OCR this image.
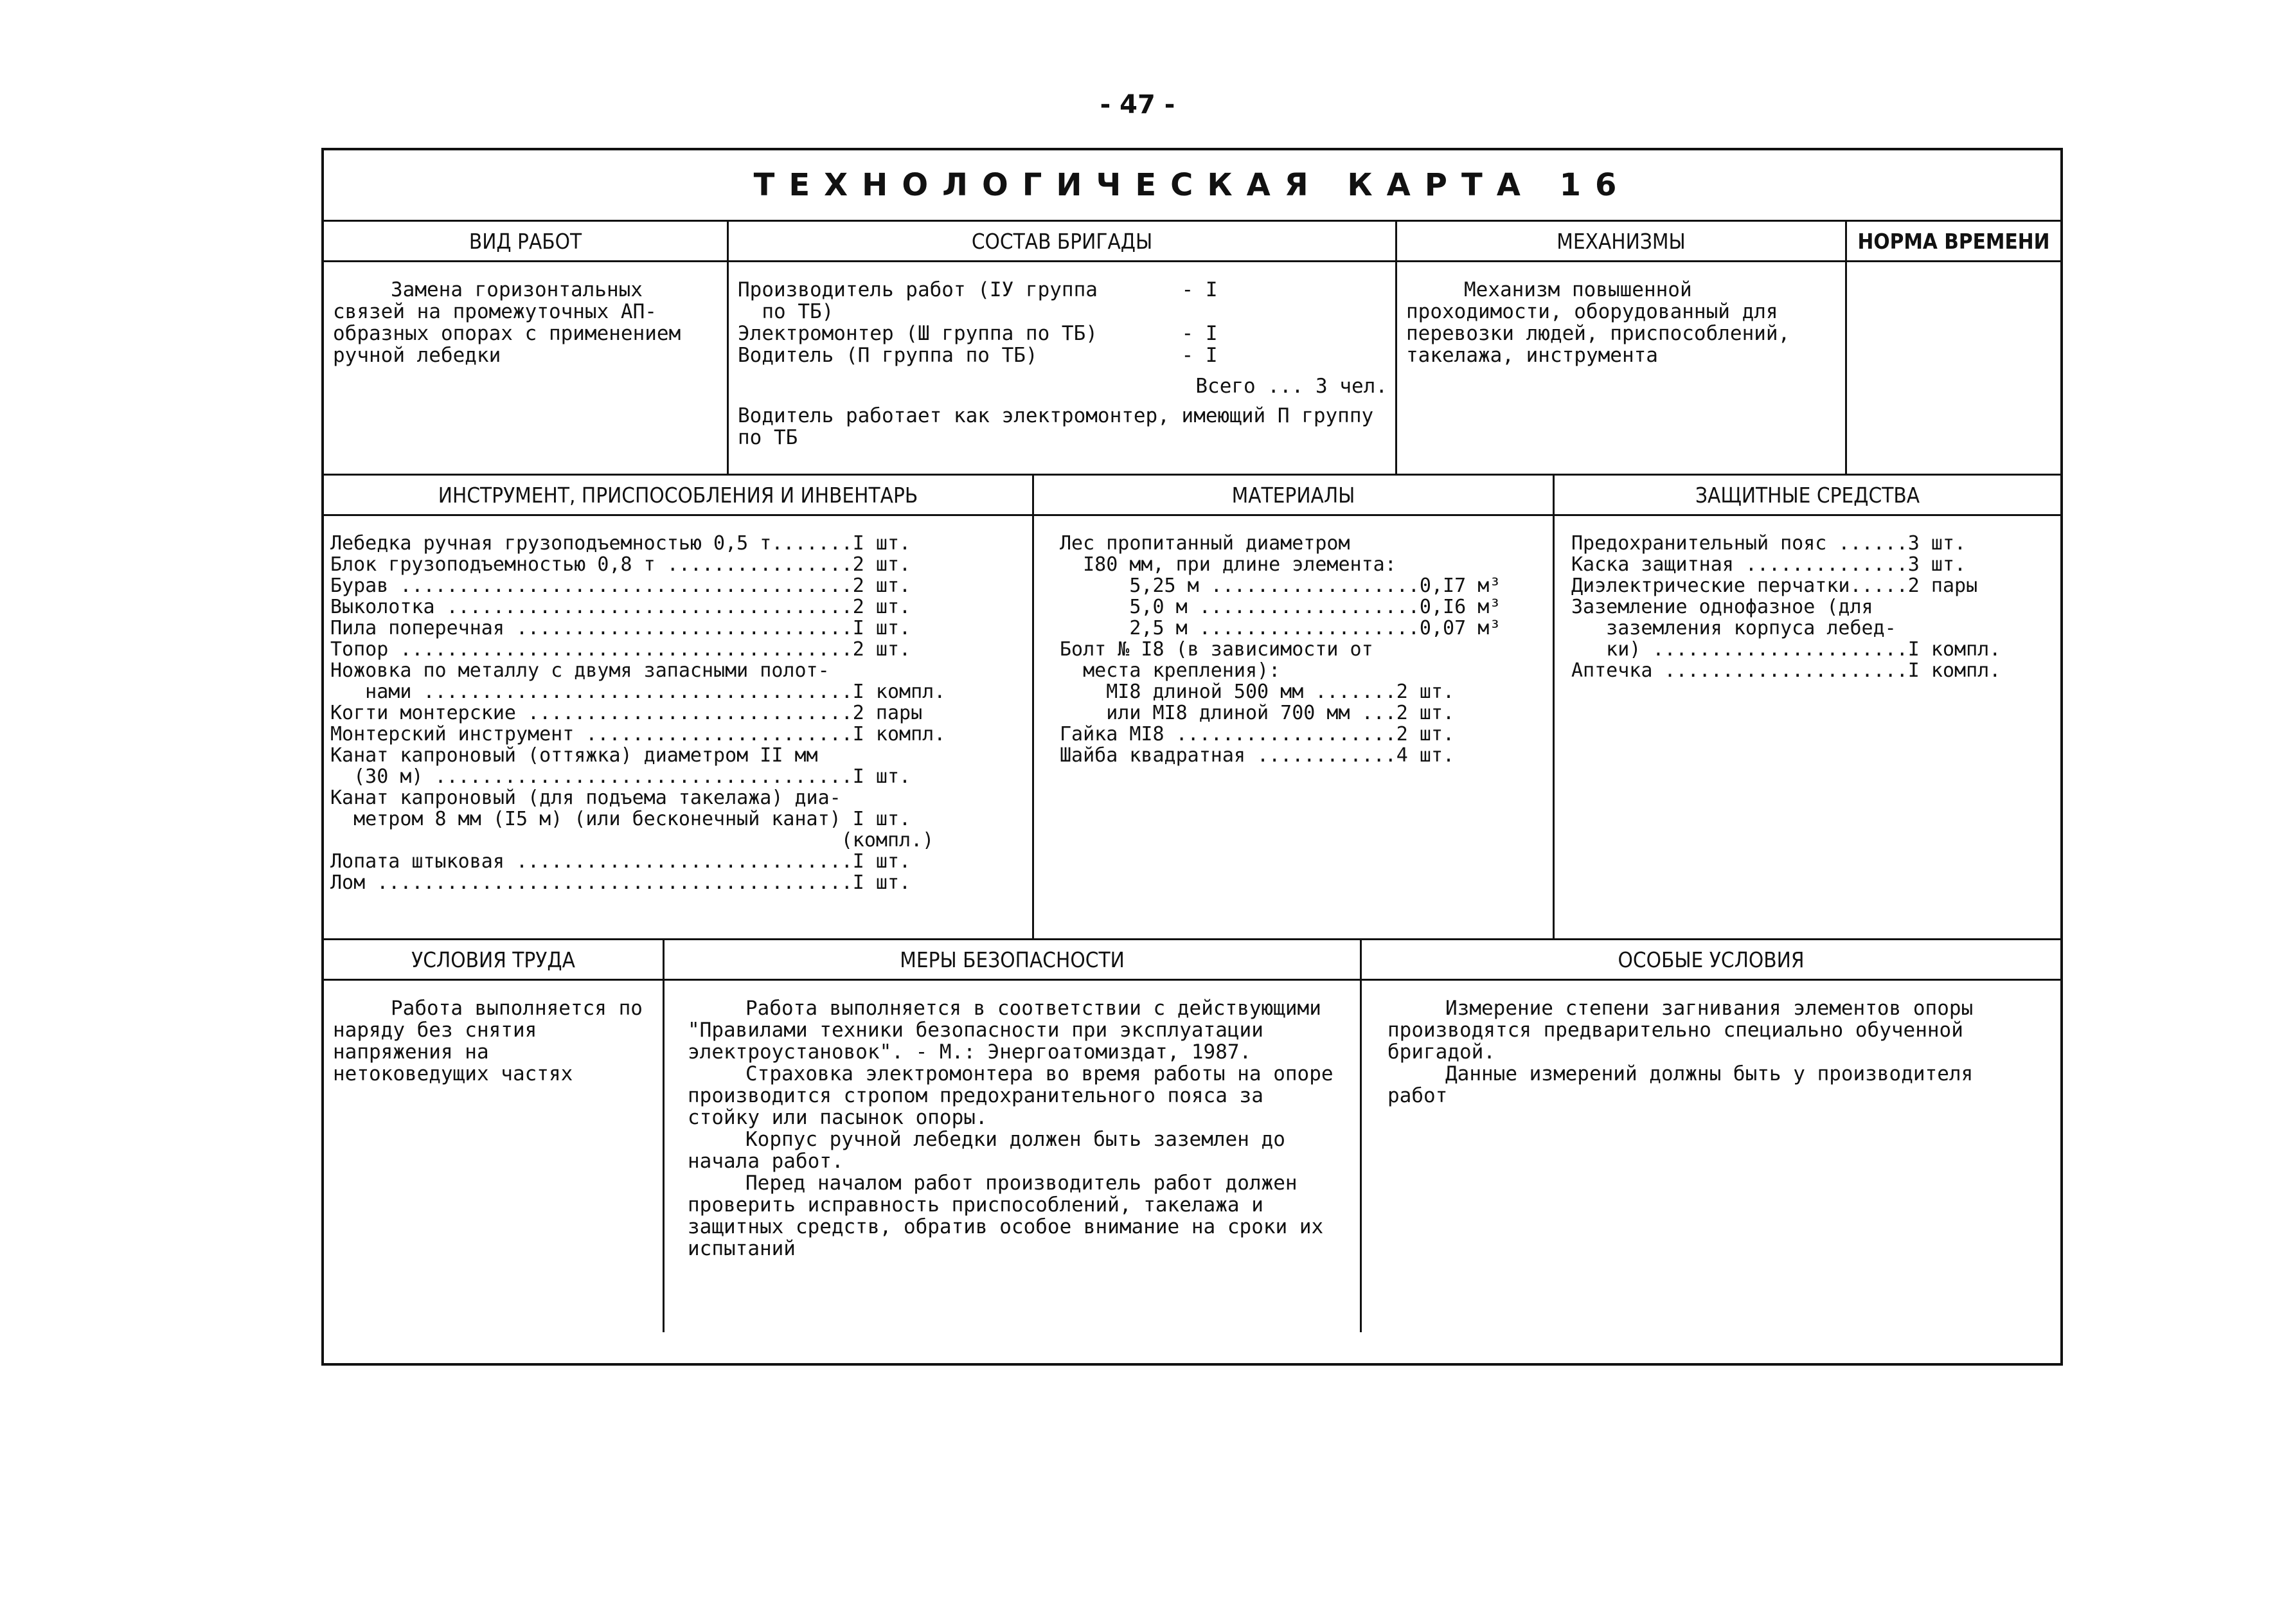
- 47 -
ТЕХНОЛОГИЧЕСКАЯ КАРТА 16
ВИД РАБОТ

Замена горизонтальных связей на промежуточных АП-образных опорах с применением ручной лебедки

СОСТАВ БРИГАДЫ

Производитель работ (IУ группа       - I

по ТБ)

Электромонтер (Ш группа по ТБ)       - I

Водитель (П группа по ТБ)            - I

Всего ... 3 чел.

Водитель работает как электромонтер, имеющий П группу по ТБ

МЕХАНИЗМЫ

Механизм повышенной проходимости, оборудованный для перевозки людей, приспособлений, такелажа, инструмента

НОРМА ВРЕМЕНИ
ИНСТРУМЕНТ, ПРИСПОСОБЛЕНИЯ И ИНВЕНТАРЬ

Лебедка ручная грузоподъемностью 0,5 т.......I шт.

Блок грузоподъемностью 0,8 т ................2 шт.

Бурав .......................................2 шт.

Выколотка ...................................2 шт.

Пила поперечная .............................I шт.

Топор .......................................2 шт.

Ножовка по металлу с двумя запасными полот-

нами .....................................I компл.

Когти монтерские ............................2 пары

Монтерский инструмент .......................I компл.

Канат капроновый (оттяжка) диаметром II мм

(30 м) ....................................I шт.

Канат капроновый (для подъема такелажа) диа-

метром 8 мм (I5 м) (или бесконечный канат) I шт.

(компл.)

Лопата штыковая .............................I шт.

Лом .........................................I шт.

МАТЕРИАЛЫ

Лес пропитанный диаметром

I80 мм, при длине элемента:

5,25 м ..................0,I7 м³

5,0 м ...................0,I6 м³

2,5 м ...................0,07 м³

Болт № I8 (в зависимости от

места крепления):

MI8 длиной 500 мм .......2 шт.

или MI8 длиной 700 мм ...2 шт.

Гайка MI8 ...................2 шт.

Шайба квадратная ............4 шт.

ЗАЩИТНЫЕ СРЕДСТВА

Предохранительный пояс ......3 шт.

Каска защитная ..............3 шт.

Диэлектрические перчатки.....2 пары

Заземление однофазное (для

заземления корпуса лебед-

ки) ......................I компл.

Аптечка .....................I компл.

УСЛОВИЯ ТРУДА

Работа выполняется по наряду без снятия напряжения на нетоковедущих частях

МЕРЫ БЕЗОПАСНОСТИ

Работа выполняется в соответствии с действующими "Правилами техники безопасности при эксплуатации электроустановок". - М.: Энергоатомиздат, 1987.

Страховка электромонтера во время работы на опоре производится стропом предохранительного пояса за стойку или пасынок опоры.

Корпус ручной лебедки должен быть заземлен до начала работ.

Перед началом работ производитель работ должен проверить исправность приспособлений, такелажа и защитных средств, обратив особое внимание на сроки их испытаний

ОСОБЫЕ УСЛОВИЯ

Измерение степени загнивания элементов опоры производятся предварительно специально обученной бригадой.

Данные измерений должны быть у производителя работ
